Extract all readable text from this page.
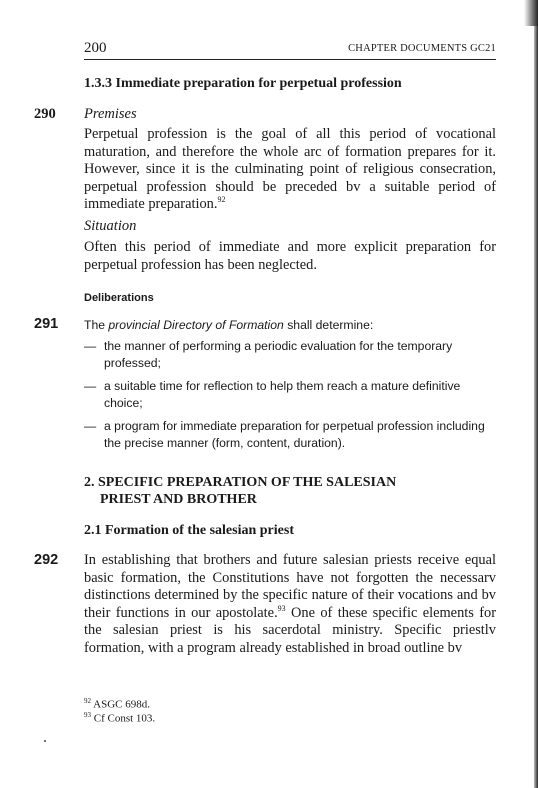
200	CHAPTER DOCUMENTS GC21
1.3.3 Immediate preparation for perpetual profession
290 Premises
Perpetual profession is the goal of all this period of vocational maturation, and therefore the whole arc of formation prepares for it. However, since it is the culminating point of religious consecration, perpetual profession should be preceded bv a suitable period of immediate preparation.$^{92}$
Situation
Often this period of immediate and more explicit preparation for perpetual profession has been neglected.
Deliberations
291 The provincial Directory of Formation shall determine:
— the manner of performing a periodic evaluation for the temporary professed;
— a suitable time for reflection to help them reach a mature definitive choice;
— a program for immediate preparation for perpetual profession including the precise manner (form, content, duration).
2. SPECIFIC PREPARATION OF THE SALESIAN
PRIEST AND BROTHER
2.1 Formation of the salesian priest
292 In establishing that brothers and future salesian priests receive equal basic formation, the Constitutions have not forgotten the necessarv distinctions determined by the specific nature of their vocations and bv their functions in our apostolate.$^{93}$ One of these specific elements for the salesian priest is his sacerdotal ministry. Specific priestlv formation, with a program already established in broad outline bv
$^{92}$ ASGC 698d.
$^{93}$ Cf Const 103.
